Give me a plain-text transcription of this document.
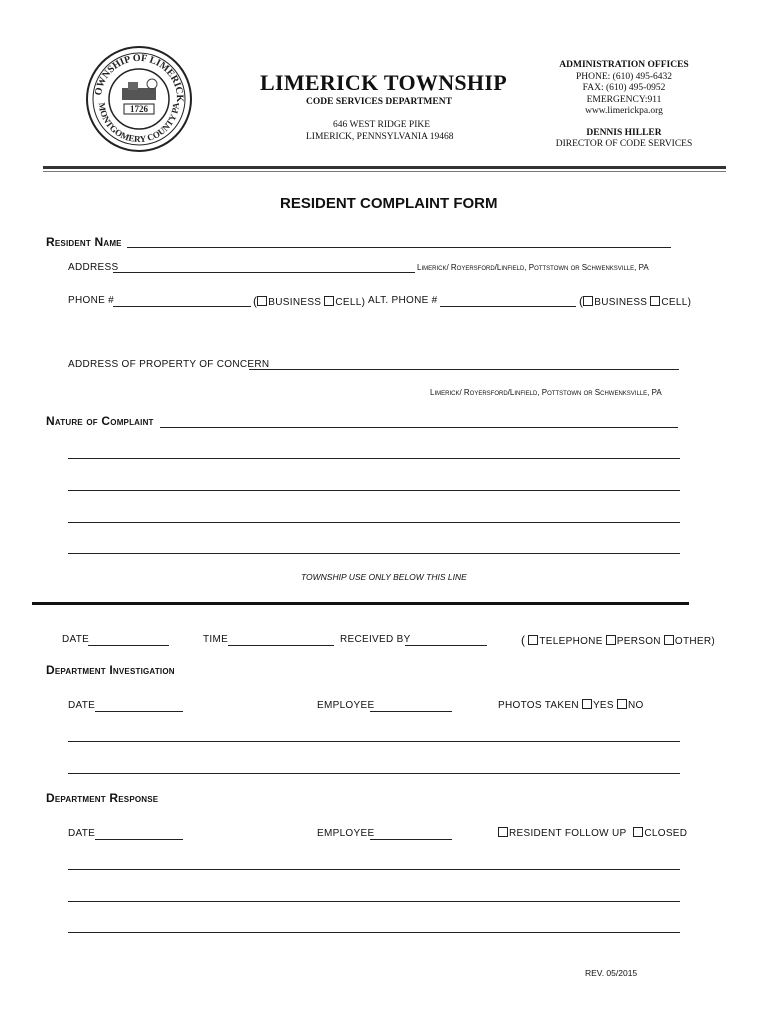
OWNSHIP OF LIMERICK
MONTGOMERY COUNTY PA
1726
LIMERICK TOWNSHIP
CODE SERVICES DEPARTMENT
646 WEST RIDGE PIKE
LIMERICK, PENNSYLVANIA 19468
ADMINISTRATION OFFICES
PHONE: (610) 495-6432
FAX: (610) 495-0952
EMERGENCY:911
www.limerickpa.org
DENNIS HILLER
DIRECTOR OF CODE SERVICES
RESIDENT COMPLAINT FORM
Resident Name
ADDRESS	Limerick/ Royersford/Linfield, Pottstown or Schwenksville, PA
PHONE #	( BUSINESS CELL) ALT. PHONE #	( BUSINESS CELL)
ADDRESS OF PROPERTY OF CONCERN
Limerick/ Royersford/Linfield, Pottstown or Schwenksville, PA
Nature of Complaint
TOWNSHIP USE ONLY BELOW THIS LINE
DATE	TIME	RECEIVED BY	( TELEPHONE PERSON OTHER)
Department Investigation
DATE	EMPLOYEE	PHOTOS TAKEN YES NO
Department Response
DATE	EMPLOYEE	RESIDENT FOLLOW UP CLOSED
REV. 05/2015
